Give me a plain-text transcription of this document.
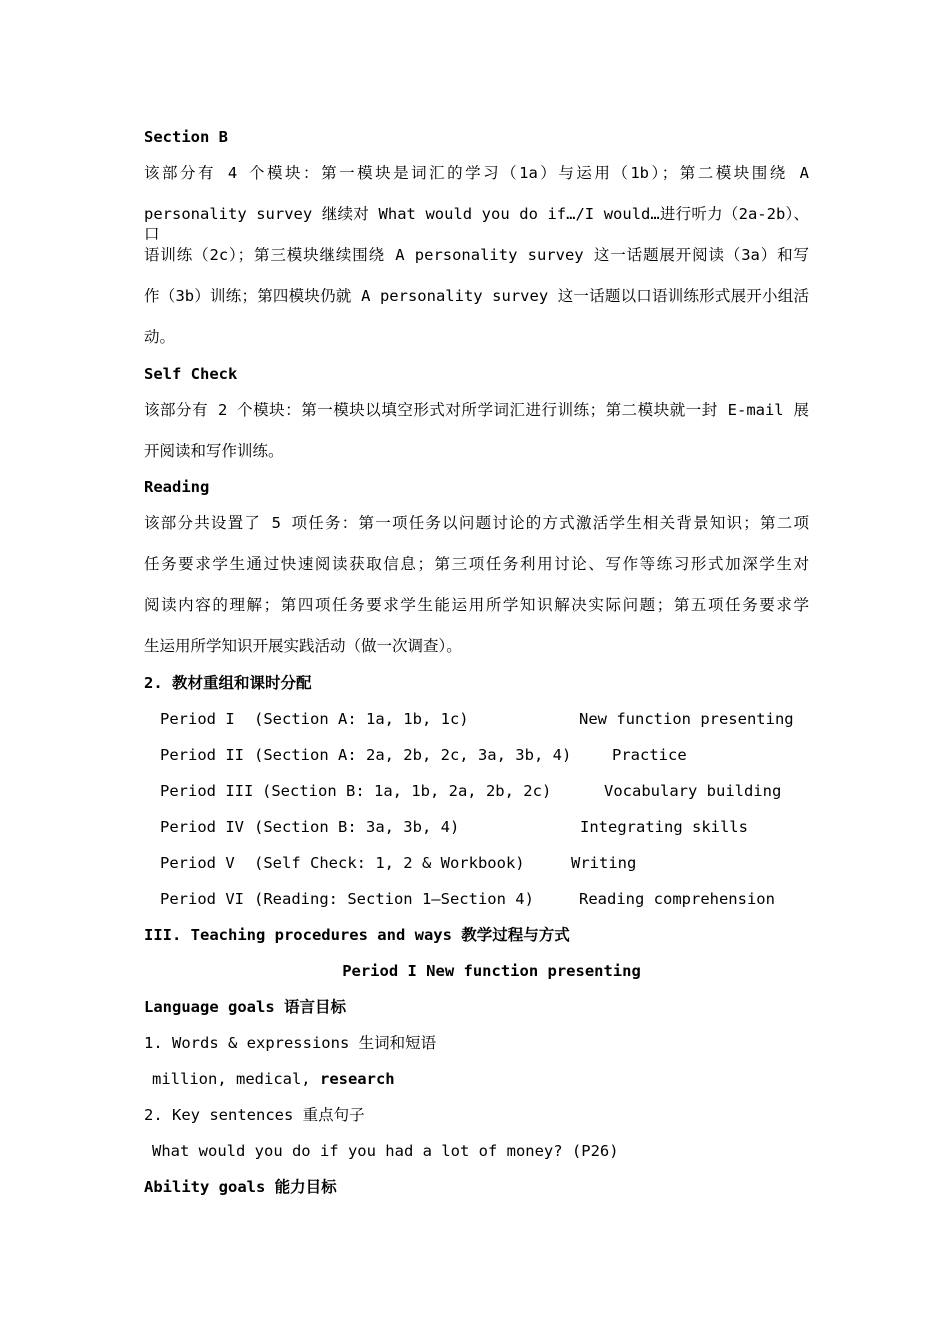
Section B
该部分有 4 个模块：第一模块是词汇的学习（1a）与运用（1b）；第二模块围绕 A
personality survey 继续对 What would you do if…/I would…进行听力（2a-2b）、口
语训练（2c）；第三模块继续围绕 A personality survey 这一话题展开阅读（3a）和写
作（3b）训练；第四模块仍就 A personality survey 这一话题以口语训练形式展开小组活
动。
Self Check
该部分有 2 个模块：第一模块以填空形式对所学词汇进行训练；第二模块就一封 E-mail 展
开阅读和写作训练。
Reading
该部分共设置了 5 项任务：第一项任务以问题讨论的方式激活学生相关背景知识；第二项
任务要求学生通过快速阅读获取信息；第三项任务利用讨论、写作等练习形式加深学生对
阅读内容的理解；第四项任务要求学生能运用所学知识解决实际问题；第五项任务要求学
生运用所学知识开展实践活动（做一次调查）。
2. 教材重组和课时分配
Period I (Section A: 1a, 1b, 1c)	New function presenting
Period II (Section A: 2a, 2b, 2c, 3a, 3b, 4)	Practice
Period III (Section B: 1a, 1b, 2a, 2b, 2c)	Vocabulary building
Period IV (Section B: 3a, 3b, 4)	Integrating skills
Period V (Self Check: 1, 2 & Workbook)	Writing
Period VI (Reading: Section 1—Section 4)	Reading comprehension
III. Teaching procedures and ways 教学过程与方式
Period I New function presenting
Language goals 语言目标
1. Words & expressions 生词和短语
million, medical, research
2. Key sentences 重点句子
What would you do if you had a lot of money? (P26)
Ability goals 能力目标
